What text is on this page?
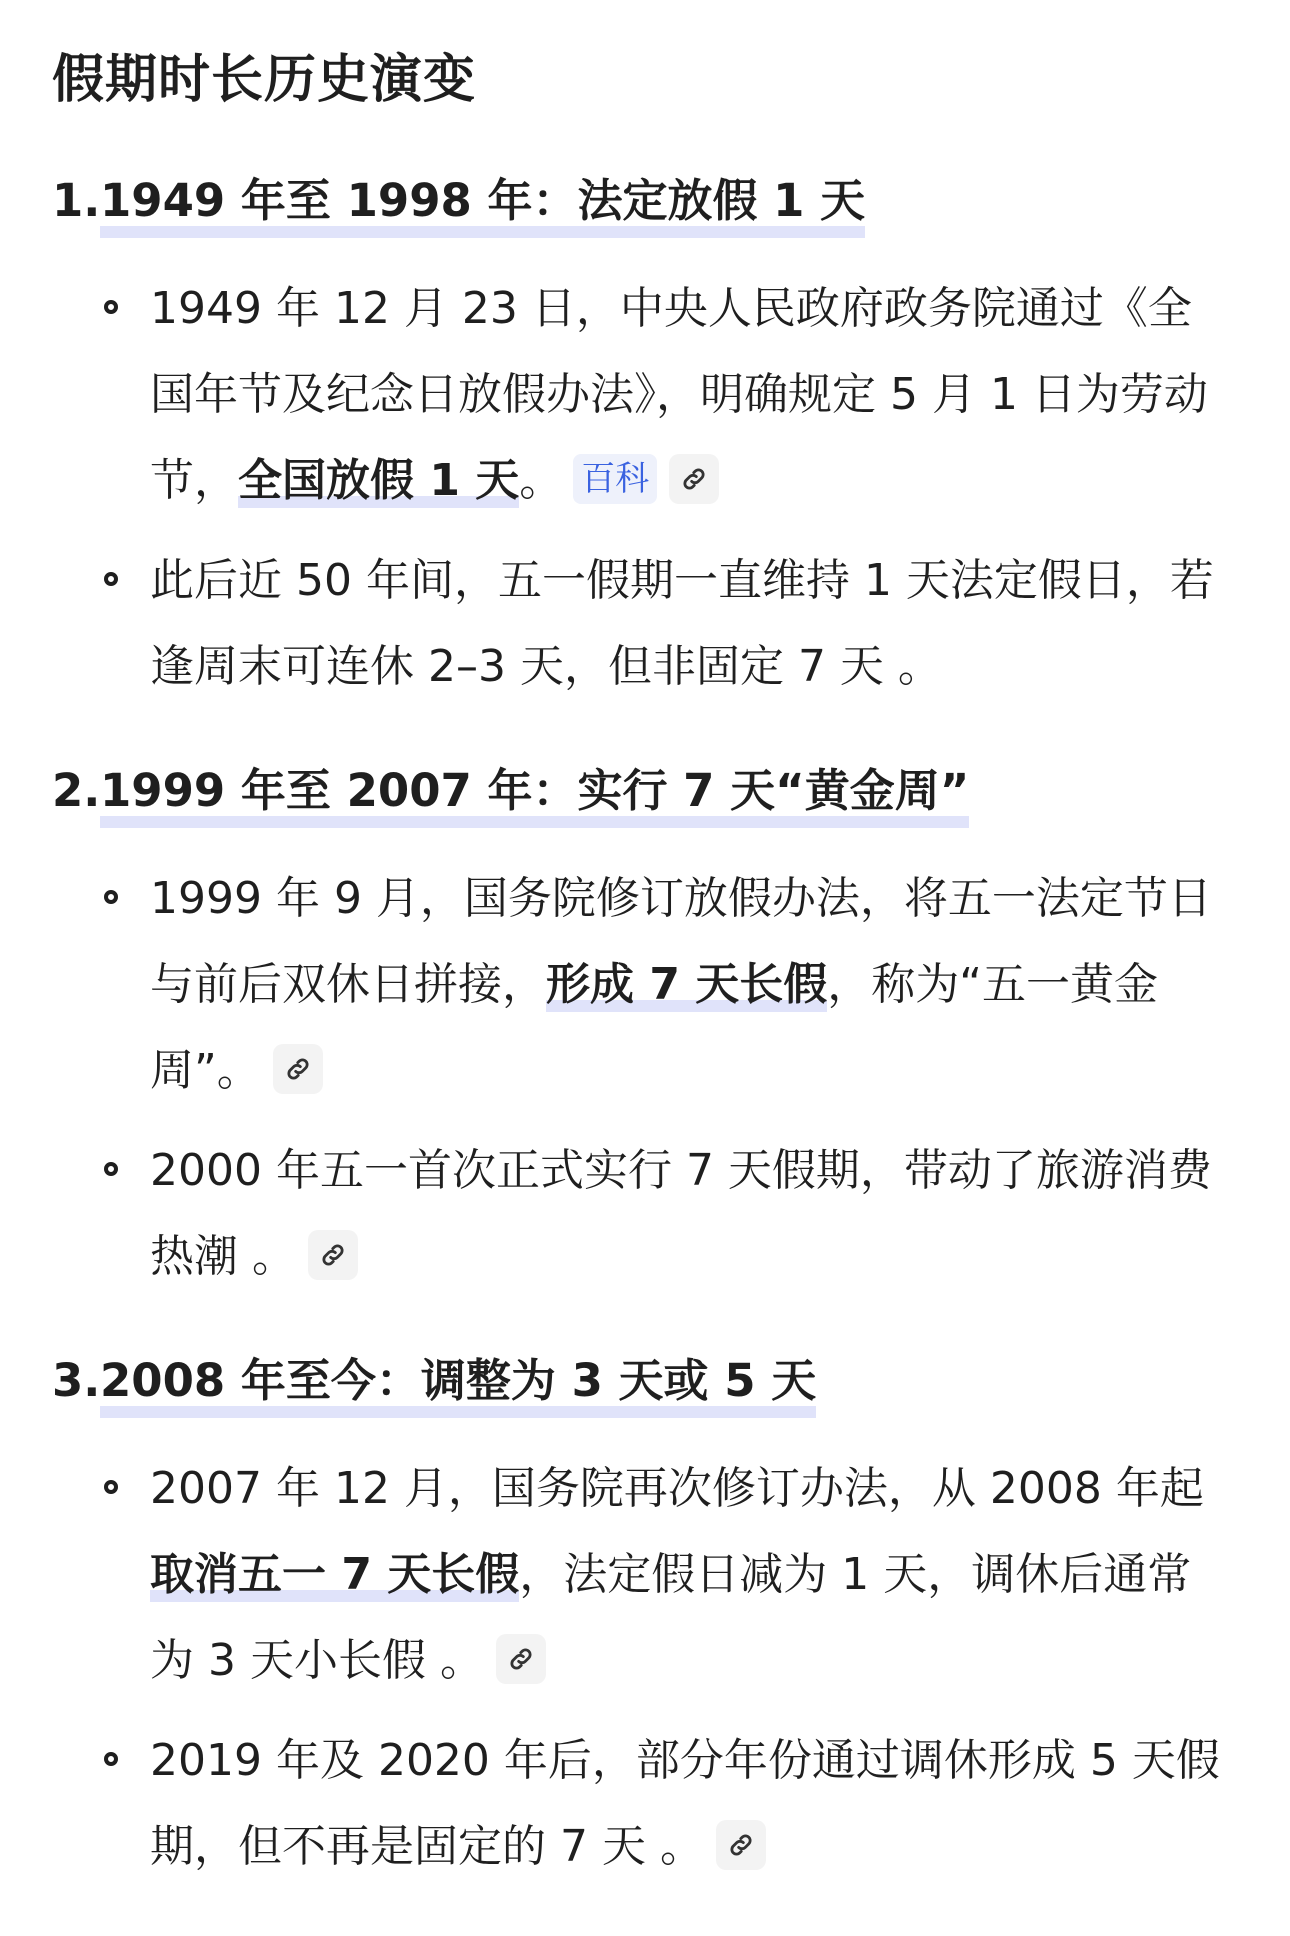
假期时长历史演变
1. 1949 年至 1998 年：法定放假 1 天
1949 年 12 月 23 日，中央人民政府政务院通过《全国年节及纪念日放假办法》，明确规定 5 月 1 日为劳动节，全国放假 1 天。 百科
此后近 50 年间，五一假期一直维持 1 天法定假日，若逢周末可连休 2–3 天，但非固定 7 天 。
2. 1999 年至 2007 年：实行 7 天“黄金周”
1999 年 9 月，国务院修订放假办法，将五一法定节日与前后双休日拼接，形成 7 天长假，称为“五一黄金周”。
2000 年五一首次正式实行 7 天假期，带动了旅游消费热潮 。
3. 2008 年至今：调整为 3 天或 5 天
2007 年 12 月，国务院再次修订办法，从 2008 年起取消五一 7 天长假，法定假日减为 1 天，调休后通常为 3 天小长假 。
2019 年及 2020 年后，部分年份通过调休形成 5 天假期，但不再是固定的 7 天 。
